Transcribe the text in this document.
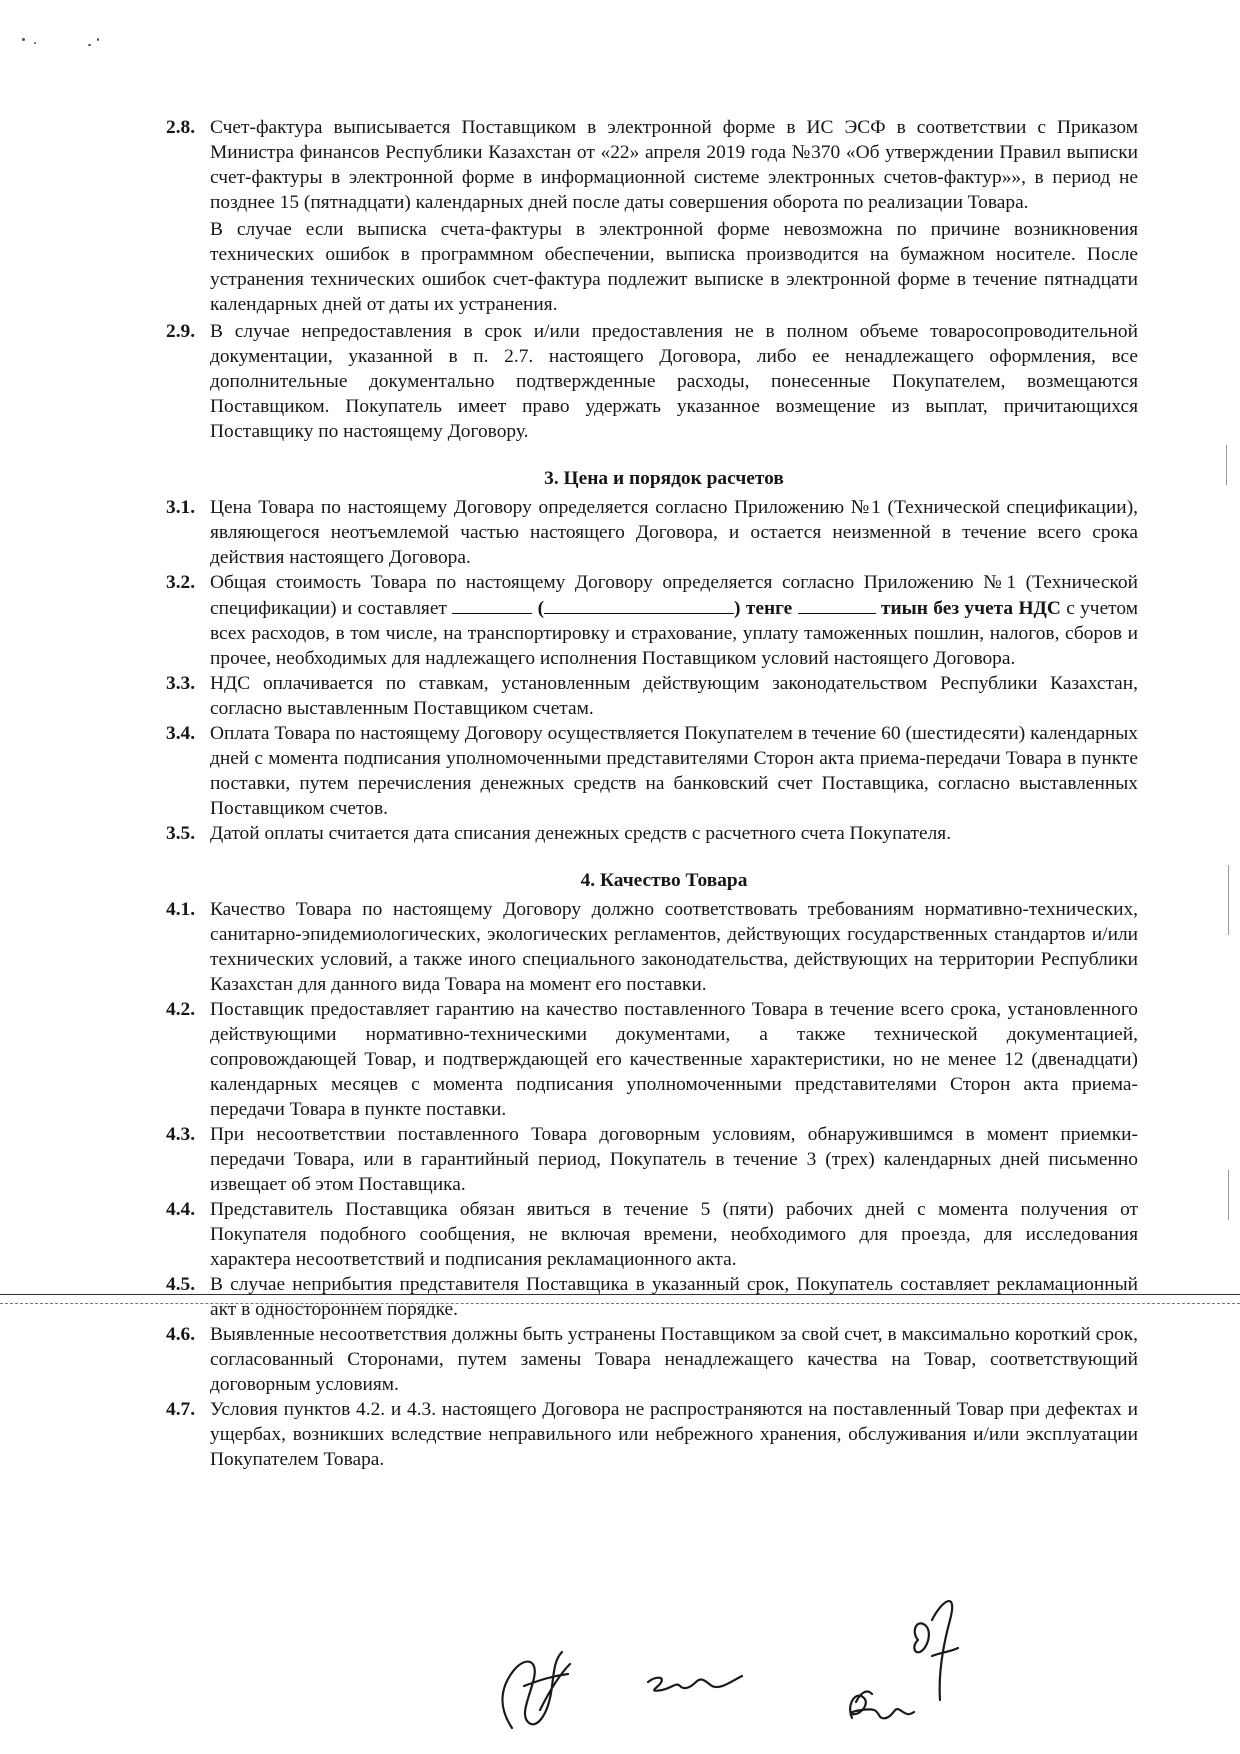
2.8. Счет-фактура выписывается Поставщиком в электронной форме в ИС ЭСФ в соответствии с Приказом Министра финансов Республики Казахстан от «22» апреля 2019 года №370 «Об утверждении Правил выписки счет-фактуры в электронной форме в информационной системе электронных счетов-фактур»», в период не позднее 15 (пятнадцати) календарных дней после даты совершения оборота по реализации Товара.

В случае если выписка счета-фактуры в электронной форме невозможна по причине возникновения технических ошибок в программном обеспечении, выписка производится на бумажном носителе. После устранения технических ошибок счет-фактура подлежит выписке в электронной форме в течение пятнадцати календарных дней от даты их устранения.

2.9. В случае непредоставления в срок и/или предоставления не в полном объеме товаросопроводительной документации, указанной в п. 2.7. настоящего Договора, либо ее ненадлежащего оформления, все дополнительные документально подтвержденные расходы, понесенные Покупателем, возмещаются Поставщиком. Покупатель имеет право удержать указанное возмещение из выплат, причитающихся Поставщику по настоящему Договору.

3. Цена и порядок расчетов
3.1. Цена Товара по настоящему Договору определяется согласно Приложению №1 (Технической спецификации), являющегося неотъемлемой частью настоящего Договора, и остается неизменной в течение всего срока действия настоящего Договора.

3.2. Общая стоимость Товара по настоящему Договору определяется согласно Приложению №1 (Технической спецификации) и составляет	(	) тенге	тиын без учета НДС с учетом всех расходов, в том числе, на транспортировку и страхование, уплату таможенных пошлин, налогов, сборов и прочее, необходимых для надлежащего исполнения Поставщиком условий настоящего Договора.

3.3. НДС оплачивается по ставкам, установленным действующим законодательством Республики Казахстан, согласно выставленным Поставщиком счетам.

3.4. Оплата Товара по настоящему Договору осуществляется Покупателем в течение 60 (шестидесяти) календарных дней с момента подписания уполномоченными представителями Сторон акта приема-передачи Товара в пункте поставки, путем перечисления денежных средств на банковский счет Поставщика, согласно выставленных Поставщиком счетов.

3.5. Датой оплаты считается дата списания денежных средств с расчетного счета Покупателя.

4. Качество Товара
4.1. Качество Товара по настоящему Договору должно соответствовать требованиям нормативно-технических, санитарно-эпидемиологических, экологических регламентов, действующих государственных стандартов и/или технических условий, а также иного специального законодательства, действующих на территории Республики Казахстан для данного вида Товара на момент его поставки.

4.2. Поставщик предоставляет гарантию на качество поставленного Товара в течение всего срока, установленного действующими нормативно-техническими документами, а также технической документацией, сопровождающей Товар, и подтверждающей его качественные характеристики, но не менее 12 (двенадцати) календарных месяцев с момента подписания уполномоченными представителями Сторон акта приема-передачи Товара в пункте поставки.

4.3. При несоответствии поставленного Товара договорным условиям, обнаружившимся в момент приемки-передачи Товара, или в гарантийный период, Покупатель в течение 3 (трех) календарных дней письменно извещает об этом Поставщика.

4.4. Представитель Поставщика обязан явиться в течение 5 (пяти) рабочих дней с момента получения от Покупателя подобного сообщения, не включая времени, необходимого для проезда, для исследования характера несоответствий и подписания рекламационного акта.

4.5. В случае неприбытия представителя Поставщика в указанный срок, Покупатель составляет рекламационный акт в одностороннем порядке.

4.6. Выявленные несоответствия должны быть устранены Поставщиком за свой счет, в максимально короткий срок, согласованный Сторонами, путем замены Товара ненадлежащего качества на Товар, соответствующий договорным условиям.

4.7. Условия пунктов 4.2. и 4.3. настоящего Договора не распространяются на поставленный Товар при дефектах и ущербах, возникших вследствие неправильного или небрежного хранения, обслуживания и/или эксплуатации Покупателем Товара.
